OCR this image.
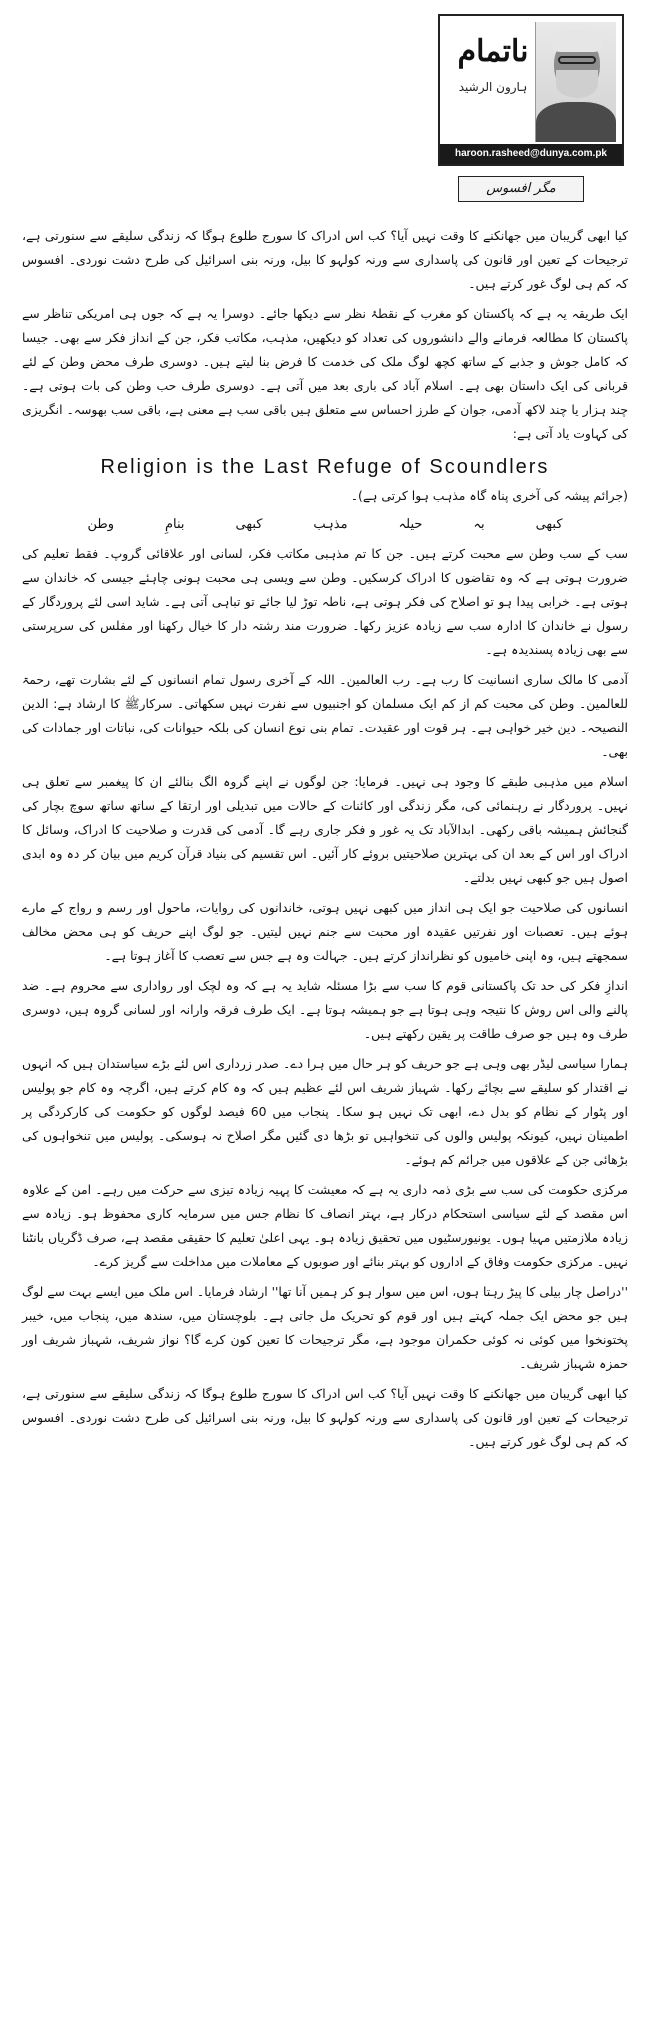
ناتمام
ہارون الرشید
haroon.rasheed@dunya.com.pk
مگر افسوس

کیا ابھی گریبان میں جھانکنے کا وقت نہیں آیا؟ کب اس ادراک کا سورج طلوع ہوگا کہ زندگی سلیقے سے سنورتی ہے، ترجیحات کے تعین اور قانون کی پاسداری سے ورنہ کولہو کا بیل، ورنہ بنی اسرائیل کی طرح دشت نوردی۔ افسوس کہ کم ہی لوگ غور کرتے ہیں۔

ایک طریقہ یہ ہے کہ پاکستان کو مغرب کے نقطۂ نظر سے دیکھا جائے۔ دوسرا یہ ہے کہ جوں ہی امریکی تناظر سے پاکستان کا مطالعہ فرمانے والے دانشوروں کی تعداد کو دیکھیں، مذہب، مکاتب فکر، جن کے انداز فکر سے بھی۔ جیسا کہ کامل جوش و جذبے کے ساتھ کچھ لوگ ملک کی خدمت کا فرض بنا لیتے ہیں۔ دوسری طرف محض وطن کے لئے قربانی کی ایک داستان بھی ہے۔ اسلام آباد کی باری بعد میں آتی ہے۔ دوسری طرف حب وطن کی بات ہوتی ہے۔ چند ہزار یا چند لاکھ آدمی، جوان کے طرز احساس سے متعلق ہیں باقی سب ہے معنی ہے، باقی سب بھوسہ۔ انگریزی کی کہاوت یاد آتی ہے:

Religion is the Last Refuge of Scoundlers

(جرائم پیشہ کی آخری پناہ گاہ مذہب ہوا کرتی ہے)۔

کبھی
بہ
حیلہ
مذہب
کبھی
بنامِ
وطن

سب کے سب وطن سے محبت کرتے ہیں۔ جن کا تم مذہبی مکاتب فکر، لسانی اور علاقائی گروپ۔ فقط تعلیم کی ضرورت ہوتی ہے کہ وہ تقاضوں کا ادراک کرسکیں۔ وطن سے ویسی ہی محبت ہونی چاہئے جیسی کہ خاندان سے ہوتی ہے۔ خرابی پیدا ہو تو اصلاح کی فکر ہوتی ہے، ناطہ توڑ لیا جائے تو تباہی آتی ہے۔ شاید اسی لئے پروردگار کے رسول نے خاندان کا ادارہ سب سے زیادہ عزیز رکھا۔ ضرورت مند رشتہ دار کا خیال رکھنا اور مفلس کی سرپرستی سے بھی زیادہ پسندیدہ ہے۔

آدمی کا مالک ساری انسانیت کا رب ہے۔ رب العالمین۔ اللہ کے آخری رسول تمام انسانوں کے لئے بشارت تھے، رحمۃ للعالمین۔ وطن کی محبت کم از کم ایک مسلمان کو اجنبیوں سے نفرت نہیں سکھاتی۔ سرکارﷺ کا ارشاد ہے: الدین النصیحہ۔ دین خیر خواہی ہے۔ ہر قوت اور عقیدت۔ تمام بنی نوع انسان کی بلکہ حیوانات کی، نباتات اور جمادات کی بھی۔

اسلام میں مذہبی طبقے کا وجود ہی نہیں۔ فرمایا: جن لوگوں نے اپنے گروہ الگ بنالئے ان کا پیغمبر سے تعلق ہی نہیں۔ پروردگار نے رہنمائی کی، مگر زندگی اور کائنات کے حالات میں تبدیلی اور ارتقا کے ساتھ ساتھ سوچ بچار کی گنجائش ہمیشہ باقی رکھی۔ ابدالآباد تک یہ غور و فکر جاری رہے گا۔ آدمی کی قدرت و صلاحیت کا ادراک، وسائل کا ادراک اور اس کے بعد ان کی بہترین صلاحیتیں بروئے کار آئیں۔ اس تقسیم کی بنیاد قرآن کریم میں بیان کر دہ وہ ابدی اصول ہیں جو کبھی نہیں بدلتے۔

انسانوں کی صلاحیت جو ایک ہی انداز میں کبھی نہیں ہوتی، خاندانوں کی روایات، ماحول اور رسم و رواج کے مارے ہوئے ہیں۔ تعصبات اور نفرتیں عقیدہ اور محبت سے جنم نہیں لیتیں۔ جو لوگ اپنے حریف کو ہی محض مخالف سمجھتے ہیں، وہ اپنی خامیوں کو نظرانداز کرتے ہیں۔ جہالت وہ ہے جس سے تعصب کا آغاز ہوتا ہے۔

اندازِ فکر کی حد تک پاکستانی قوم کا سب سے بڑا مسئلہ شاید یہ ہے کہ وہ لچک اور رواداری سے محروم ہے۔ ضد پالنے والی اس روش کا نتیجہ وہی ہوتا ہے جو ہمیشہ ہوتا ہے۔ ایک طرف فرقہ وارانہ اور لسانی گروہ ہیں، دوسری طرف وہ ہیں جو صرف طاقت پر یقین رکھتے ہیں۔

ہمارا سیاسی لیڈر بھی وہی ہے جو حریف کو ہر حال میں ہرا دے۔ صدر زرداری اس لئے بڑے سیاستدان ہیں کہ انہوں نے اقتدار کو سلیقے سے بچائے رکھا۔ شہباز شریف اس لئے عظیم ہیں کہ وہ کام کرتے ہیں، اگرچہ وہ کام جو پولیس اور پٹوار کے نظام کو بدل دے، ابھی تک نہیں ہو سکا۔ پنجاب میں 60 فیصد لوگوں کو حکومت کی کارکردگی پر اطمینان نہیں، کیونکہ پولیس والوں کی تنخواہیں تو بڑھا دی گئیں مگر اصلاح نہ ہوسکی۔ پولیس میں تنخواہوں کی بڑھائی جن کے علاقوں میں جرائم کم ہوئے۔

مرکزی حکومت کی سب سے بڑی ذمہ داری یہ ہے کہ معیشت کا پہیہ زیادہ تیزی سے حرکت میں رہے۔ امن کے علاوہ اس مقصد کے لئے سیاسی استحکام درکار ہے، بہتر انصاف کا نظام جس میں سرمایہ کاری محفوظ ہو۔ زیادہ سے زیادہ ملازمتیں مہیا ہوں۔ یونیورسٹیوں میں تحقیق زیادہ ہو۔ یہی اعلیٰ تعلیم کا حقیقی مقصد ہے، صرف ڈگریاں بانٹنا نہیں۔ مرکزی حکومت وفاق کے اداروں کو بہتر بنائے اور صوبوں کے معاملات میں مداخلت سے گریز کرے۔

''دراصل چار بیلی کا پیڑ رہتا ہوں، اس میں سوار ہو کر ہمیں آنا تھا'' ارشاد فرمایا۔ اس ملک میں ایسے بہت سے لوگ ہیں جو محض ایک جملہ کہتے ہیں اور قوم کو تحریک مل جاتی ہے۔ بلوچستان میں، سندھ میں، پنجاب میں، خیبر پختونخوا میں کوئی نہ کوئی حکمران موجود ہے، مگر ترجیحات کا تعین کون کرے گا؟ نواز شریف، شہباز شریف اور حمزہ شہباز شریف۔

کیا ابھی گریبان میں جھانکنے کا وقت نہیں آیا؟ کب اس ادراک کا سورج طلوع ہوگا کہ زندگی سلیقے سے سنورتی ہے، ترجیحات کے تعین اور قانون کی پاسداری سے ورنہ کولہو کا بیل، ورنہ بنی اسرائیل کی طرح دشت نوردی۔ افسوس کہ کم ہی لوگ غور کرتے ہیں۔
